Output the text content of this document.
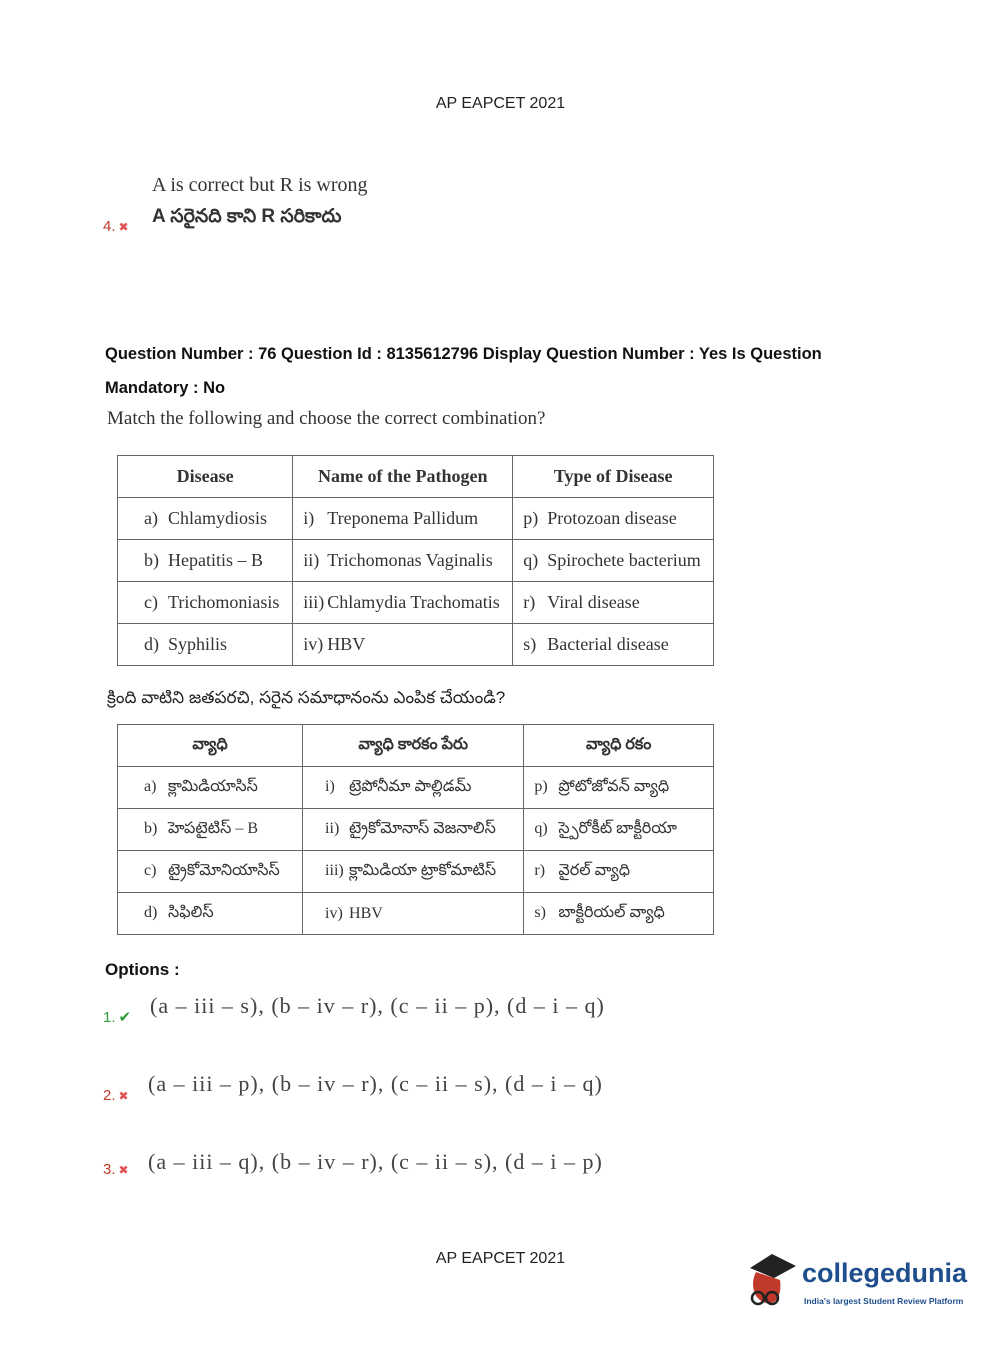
AP EAPCET 2021
4. ✖
A is correct but R is wrong
A సరైనది కాని R సరికాదు
Question Number : 76 Question Id : 8135612796 Display Question Number : Yes Is Question
Mandatory : No
Match the following and choose the correct combination?
Disease	Name of the Pathogen	Type of Disease
a) Chlamydiosis	i) Treponema Pallidum	p) Protozoan disease
b) Hepatitis – B	ii) Trichomonas Vaginalis	q) Spirochete bacterium
c) Trichomoniasis	iii) Chlamydia Trachomatis	r) Viral disease
d) Syphilis	iv) HBV	s) Bacterial disease
క్రింది వాటిని జతపరచి, సరైన సమాధానంను ఎంపిక చేయండి?
వ్యాధి	వ్యాధి కారకం పేరు	వ్యాధి రకం
a) క్లామిడియాసిస్	i) ట్రెపోనీమా పాల్లిడమ్	p) ప్రోటోజోవన్ వ్యాధి
b) హెపటైటిస్ – B	ii) ట్రైకోమోనాస్ వెజనాలిస్	q) స్పైరోకీట్ బాక్టీరియా
c) ట్రైకోమోనియాసిస్	iii) క్లామిడియా ట్రాకోమాటిస్	r) వైరల్ వ్యాధి
d) సిఫిలిస్	iv) HBV	s) బాక్టీరియల్ వ్యాధి
Options :
1. ✔ (a – iii – s), (b – iv – r), (c – ii – p), (d – i – q)
2. ✖ (a – iii – p), (b – iv – r), (c – ii – s), (d – i – q)
3. ✖ (a – iii – q), (b – iv – r), (c – ii – s), (d – i – p)
AP EAPCET 2021	collegedunia
India's largest Student Review Platform
